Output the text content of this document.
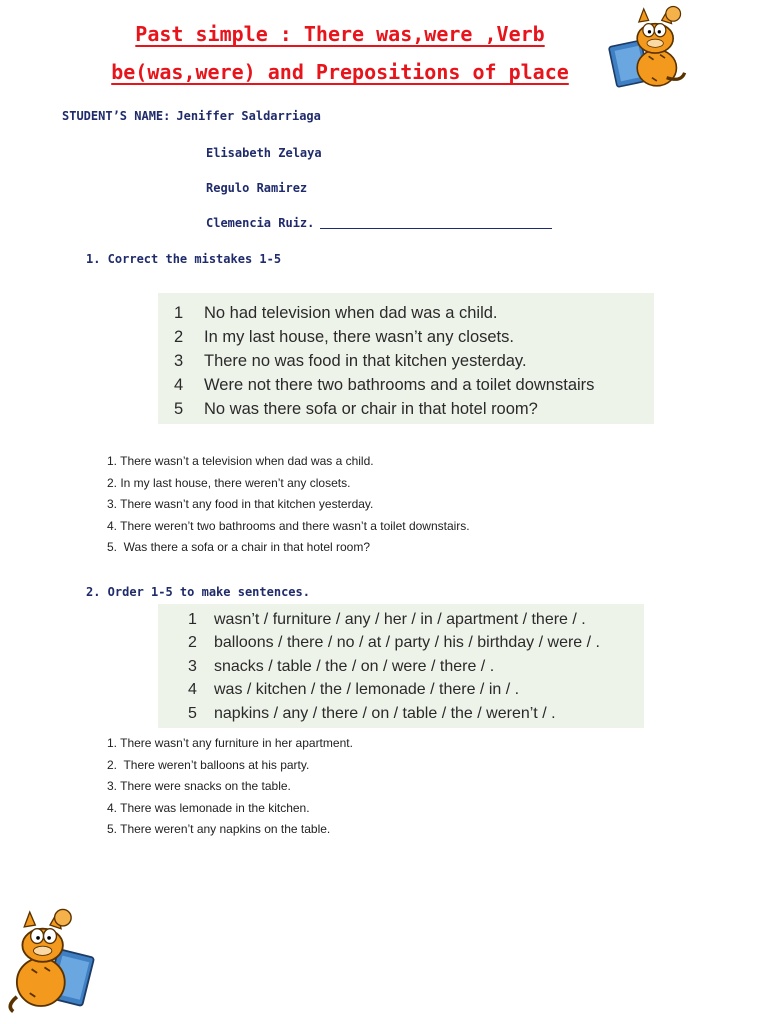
Past simple : There was,were ,Verb
be(was,were) and Prepositions of place
STUDENT’S NAME: Jeniffer Saldarriaga
Elisabeth Zelaya
Regulo Ramirez
Clemencia Ruiz.
1. Correct the mistakes 1-5
1 No had television when dad was a child.
2 In my last house, there wasn’t any closets.
3 There no was food in that kitchen yesterday.
4 Were not there two bathrooms and a toilet downstairs
5 No was there sofa or chair in that hotel room?
1. There wasn’t a television when dad was a child.
2. In my last house, there weren’t any closets.
3. There wasn’t any food in that kitchen yesterday.
4. There weren’t two bathrooms and there wasn’t a toilet downstairs.
5.  Was there a sofa or a chair in that hotel room?
2. Order 1-5 to make sentences.
1 wasn’t / furniture / any / her / in / apartment / there / .
2 balloons / there / no / at / party / his / birthday / were / .
3 snacks / table / the / on / were / there / .
4 was / kitchen / the / lemonade / there / in / .
5 napkins / any / there / on / table / the / weren’t / .
1. There wasn’t any furniture in her apartment.
2.  There weren’t balloons at his party.
3. There were snacks on the table.
4. There was lemonade in the kitchen.
5. There weren’t any napkins on the table.
